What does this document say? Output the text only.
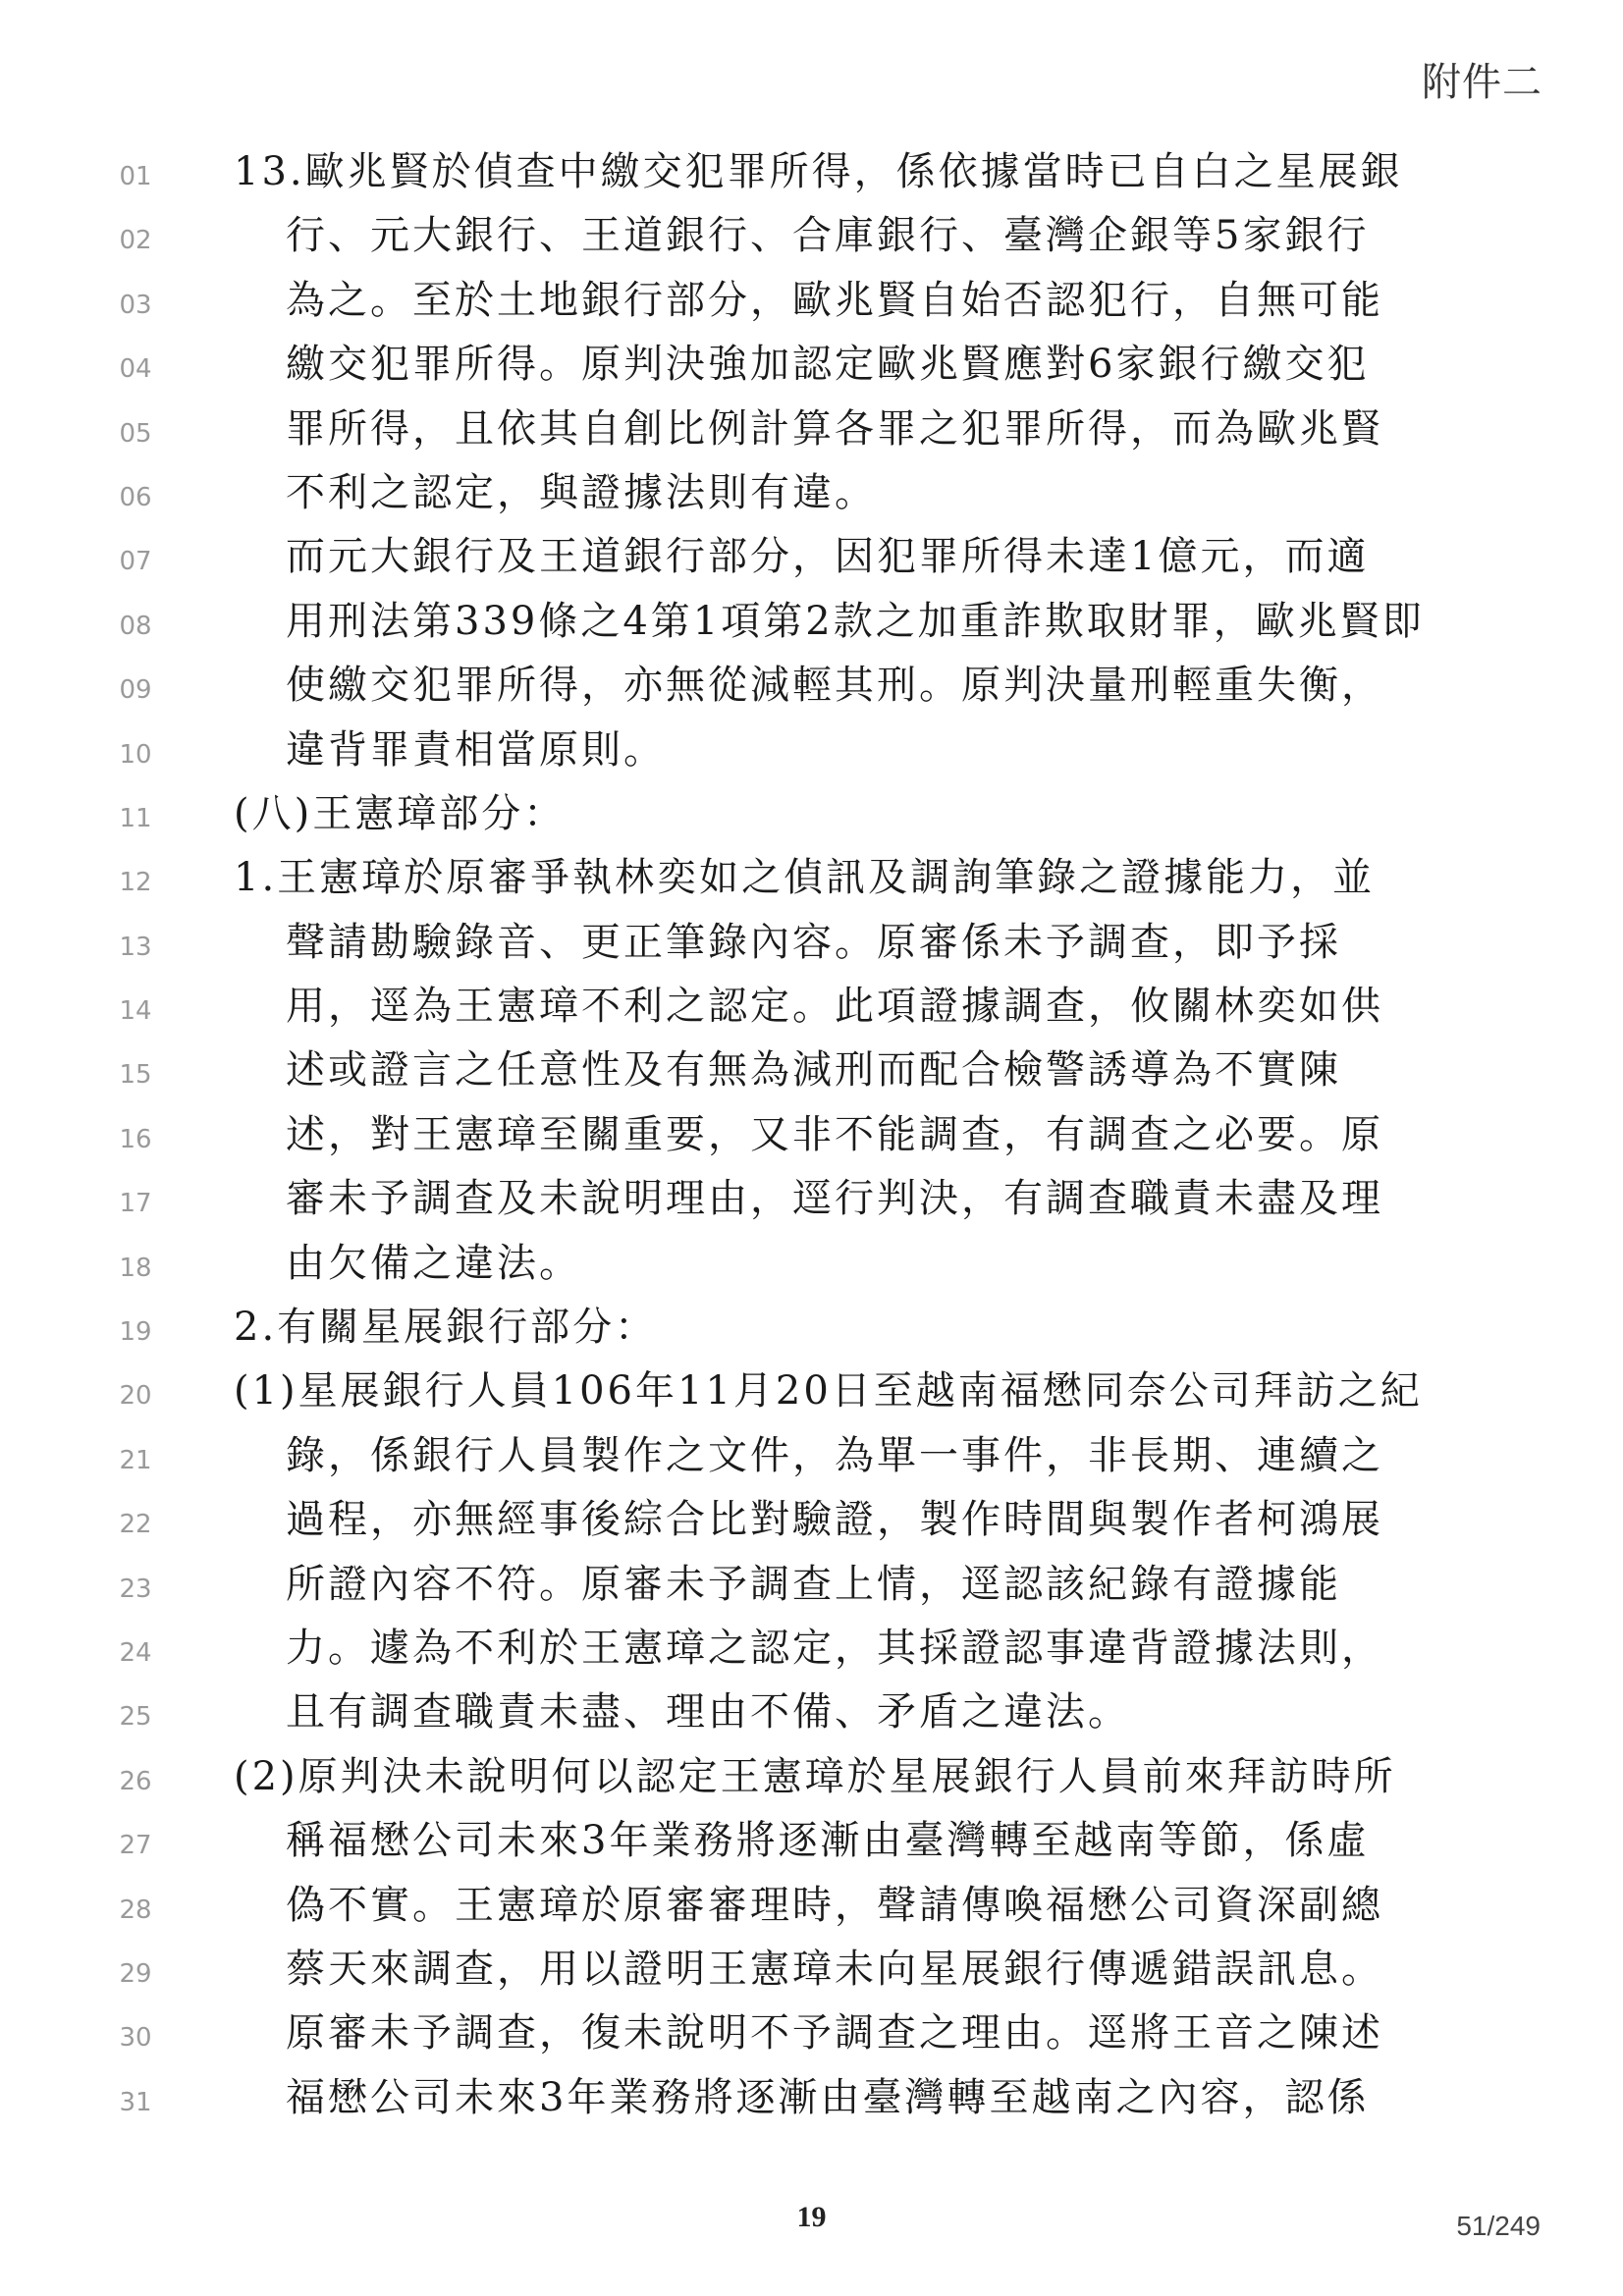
附件二
01
02
03
04
05
06
07
08
09
10
11
12
13
14
15
16
17
18
19
20
21
22
23
24
25
26
27
28
29
30
31
13.歐兆賢於偵查中繳交犯罪所得，係依據當時已自白之星展銀
行、元大銀行、王道銀行、合庫銀行、臺灣企銀等5家銀行
為之。至於土地銀行部分，歐兆賢自始否認犯行，自無可能
繳交犯罪所得。原判決強加認定歐兆賢應對6家銀行繳交犯
罪所得，且依其自創比例計算各罪之犯罪所得，而為歐兆賢
不利之認定，與證據法則有違。
而元大銀行及王道銀行部分，因犯罪所得未達1億元，而適
用刑法第339條之4第1項第2款之加重詐欺取財罪，歐兆賢即
使繳交犯罪所得，亦無從減輕其刑。原判決量刑輕重失衡，
違背罪責相當原則。
(八)王憲璋部分：
1.王憲璋於原審爭執林奕如之偵訊及調詢筆錄之證據能力，並
聲請勘驗錄音、更正筆錄內容。原審係未予調查，即予採
用，逕為王憲璋不利之認定。此項證據調查，攸關林奕如供
述或證言之任意性及有無為減刑而配合檢警誘導為不實陳
述，對王憲璋至關重要，又非不能調查，有調查之必要。原
審未予調查及未說明理由，逕行判決，有調查職責未盡及理
由欠備之違法。
2.有關星展銀行部分：
(1)星展銀行人員106年11月20日至越南福懋同奈公司拜訪之紀
錄，係銀行人員製作之文件，為單一事件，非長期、連續之
過程，亦無經事後綜合比對驗證，製作時間與製作者柯鴻展
所證內容不符。原審未予調查上情，逕認該紀錄有證據能
力。遽為不利於王憲璋之認定，其採證認事違背證據法則，
且有調查職責未盡、理由不備、矛盾之違法。
(2)原判決未說明何以認定王憲璋於星展銀行人員前來拜訪時所
稱福懋公司未來3年業務將逐漸由臺灣轉至越南等節，係虛
偽不實。王憲璋於原審審理時，聲請傳喚福懋公司資深副總
蔡天來調查，用以證明王憲璋未向星展銀行傳遞錯誤訊息。
原審未予調查，復未說明不予調查之理由。逕將王音之陳述
福懋公司未來3年業務將逐漸由臺灣轉至越南之內容，認係
19	51/249
